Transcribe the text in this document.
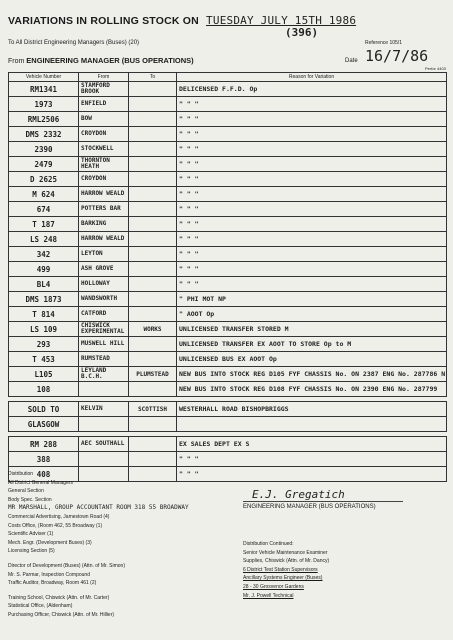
VARIATIONS IN ROLLING STOCK ON TUESDAY JULY 15TH 1986
(396)
To All District Engineering Managers (Buses) (20)	Reference 105/1
From ENGINEERING MANAGER (BUS OPERATIONS)	Date 16/7/86
Perfor 4403
Vehicle Number	From	To	Reason for Variation
RM1341	STAMFORD BROOK		DELICENSED F.F.D. Op
1973	ENFIELD		" " "
RML2506	BOW		" " "
DMS 2332	CROYDON		" " "
2390	STOCKWELL		" " "
2479	THORNTON HEATH		" " "
D 2625	CROYDON		" " "
M 624	HARROW WEALD		" " "
674	POTTERS BAR		" " "
T 187	BARKING		" " "
LS 248	HARROW WEALD		" " "
342	LEYTON		" " "
499	ASH GROVE		" " "
BL4	HOLLOWAY		" " "
DMS 1873	WANDSWORTH		" PHI MOT NP
T 814	CATFORD		" AOOT Op
LS 109	CHISWICK EXPERIMENTAL	WORKS	UNLICENSED TRANSFER STORED M
293	MUSWELL HILL		UNLICENSED TRANSFER EX AOOT TO STORE Op to M
T 453	RUMSTEAD		UNLICENSED BUS EX AOOT Op
L105	LEYLAND B.C.H.	PLUMSTEAD	NEW BUS INTO STOCK REG D105 FYF CHASSIS No. ON 2387 ENG No. 287786 N
108			NEW BUS INTO STOCK REG D108 FYF CHASSIS No. ON 2390 ENG No. 287799

SOLD TO	KELVIN	SCOTTISH	WESTERHALL ROAD BISHOPBRIGGS
GLASGOW			

RM 288	AEC SOUTHALL		EX SALES DEPT EX S
388			" " "
408			" " "
Distribution
All District General Managers
General Section
Body Spec. Section
MR MARSHALL, GROUP ACCOUNTANT ROOM 318 55 BROADWAY
Commercial Advertising, Jamestown Road (4)
Costs Office, (Room 462, 55 Broadway (1)
Scientific Adviser (1)
Mech. Engr. (Development Buses) (3)
Licensing Section (5)
Director of Development (Buses) (Attn. of Mr. Simon)
Mr. S. Parmar, Inspection Compound
Traffic Auditor, Broadway, Room 461 (2)
Training School, Chiswick (Attn. of Mr. Carter)
Statistical Office, (Aldenham)
Purchasing Officer, Chiswick (Attn. of Mr. Hillier)
E.J. Gregatich
ENGINEERING MANAGER (BUS OPERATIONS)
Distribution Continued:
Senior Vehicle Maintenance Examiner
Supplies, Chiswick (Attn. of Mr. Dancy)
6 District Test Station Supervisors
Ancillary Systems Engineer (Buses)
28 - 30 Grosvenor Gardens
Mr. J. Powell Technical
